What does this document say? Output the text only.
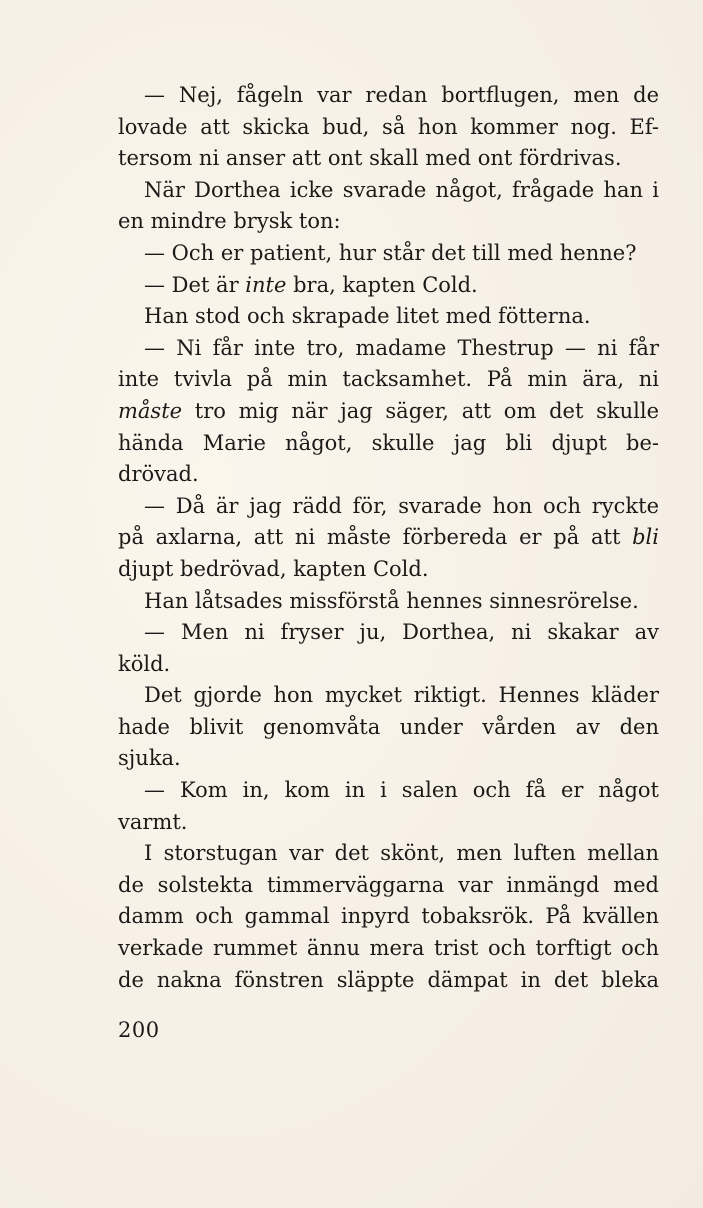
— Nej, fågeln var redan bortflugen, men de
lovade att skicka bud, så hon kommer nog. Ef-
tersom ni anser att ont skall med ont fördrivas.
När Dorthea icke svarade något, frågade han i
en mindre brysk ton:
— Och er patient, hur står det till med henne?
— Det är inte bra, kapten Cold.
Han stod och skrapade litet med fötterna.
— Ni får inte tro, madame Thestrup — ni får
inte tvivla på min tacksamhet. På min ära, ni
måste tro mig när jag säger, att om det skulle
hända Marie något, skulle jag bli djupt be-
drövad.
— Då är jag rädd för, svarade hon och ryckte
på axlarna, att ni måste förbereda er på att bli
djupt bedrövad, kapten Cold.
Han låtsades missförstå hennes sinnesrörelse.
— Men ni fryser ju, Dorthea, ni skakar av
köld.
Det gjorde hon mycket riktigt. Hennes kläder
hade blivit genomvåta under vården av den
sjuka.
— Kom in, kom in i salen och få er något
varmt.
I storstugan var det skönt, men luften mellan
de solstekta timmerväggarna var inmängd med
damm och gammal inpyrd tobaksrök. På kvällen
verkade rummet ännu mera trist och torftigt och
de nakna fönstren släppte dämpat in det bleka
200
